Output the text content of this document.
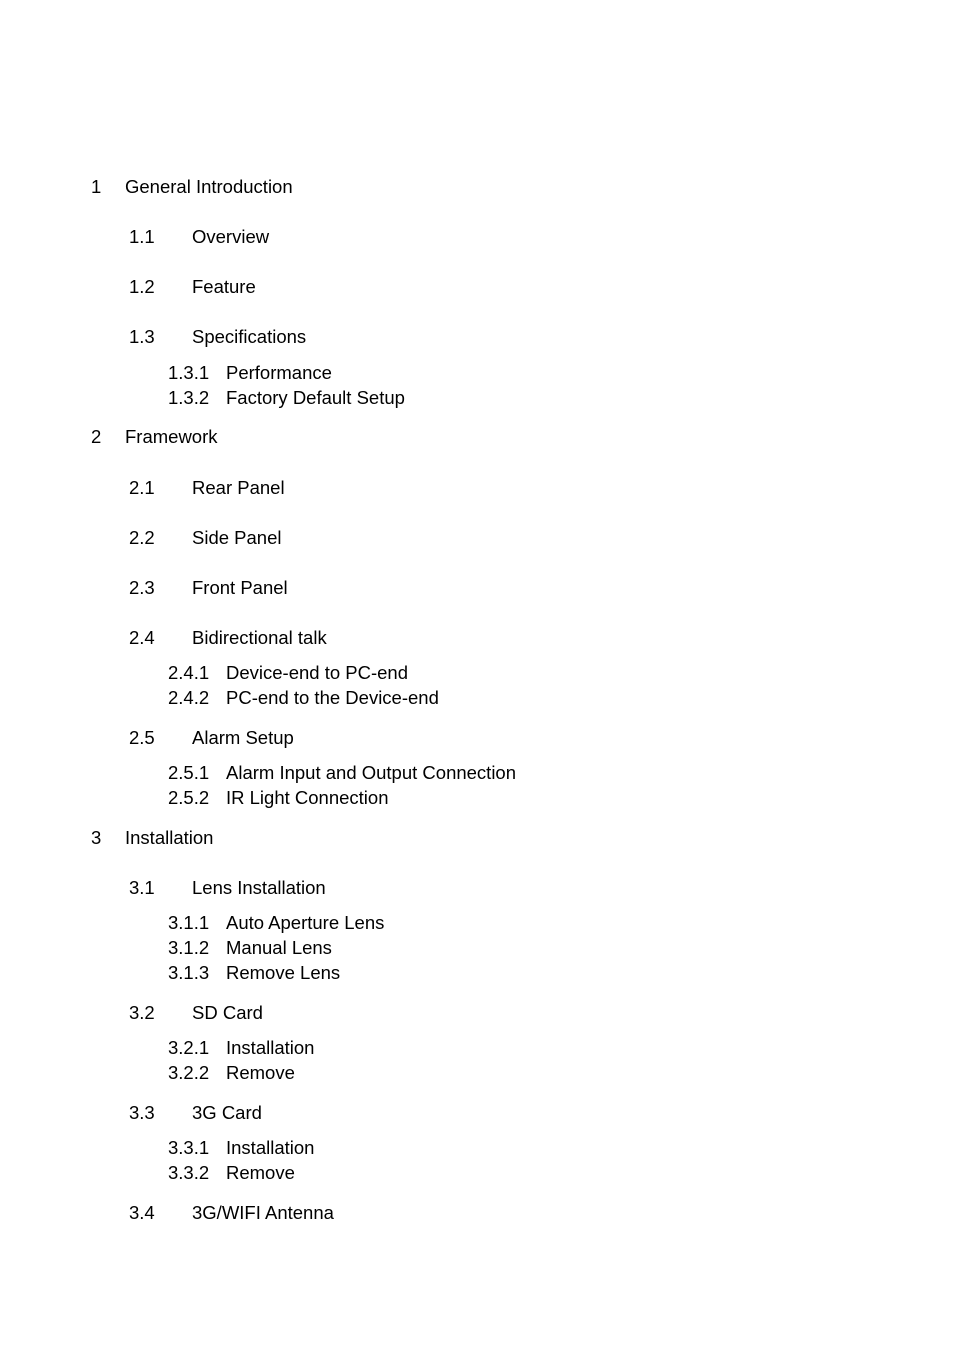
1 General Introduction
1.1 Overview
1.2 Feature
1.3 Specifications
1.3.1 Performance
1.3.2 Factory Default Setup
2 Framework
2.1 Rear Panel
2.2 Side Panel
2.3 Front Panel
2.4 Bidirectional talk
2.4.1 Device-end to PC-end
2.4.2 PC-end to the Device-end
2.5 Alarm Setup
2.5.1 Alarm Input and Output Connection
2.5.2 IR Light Connection
3 Installation
3.1 Lens Installation
3.1.1 Auto Aperture Lens
3.1.2 Manual Lens
3.1.3 Remove Lens
3.2 SD Card
3.2.1 Installation
3.2.2 Remove
3.3 3G Card
3.3.1 Installation
3.3.2 Remove
3.4 3G/WIFI Antenna
